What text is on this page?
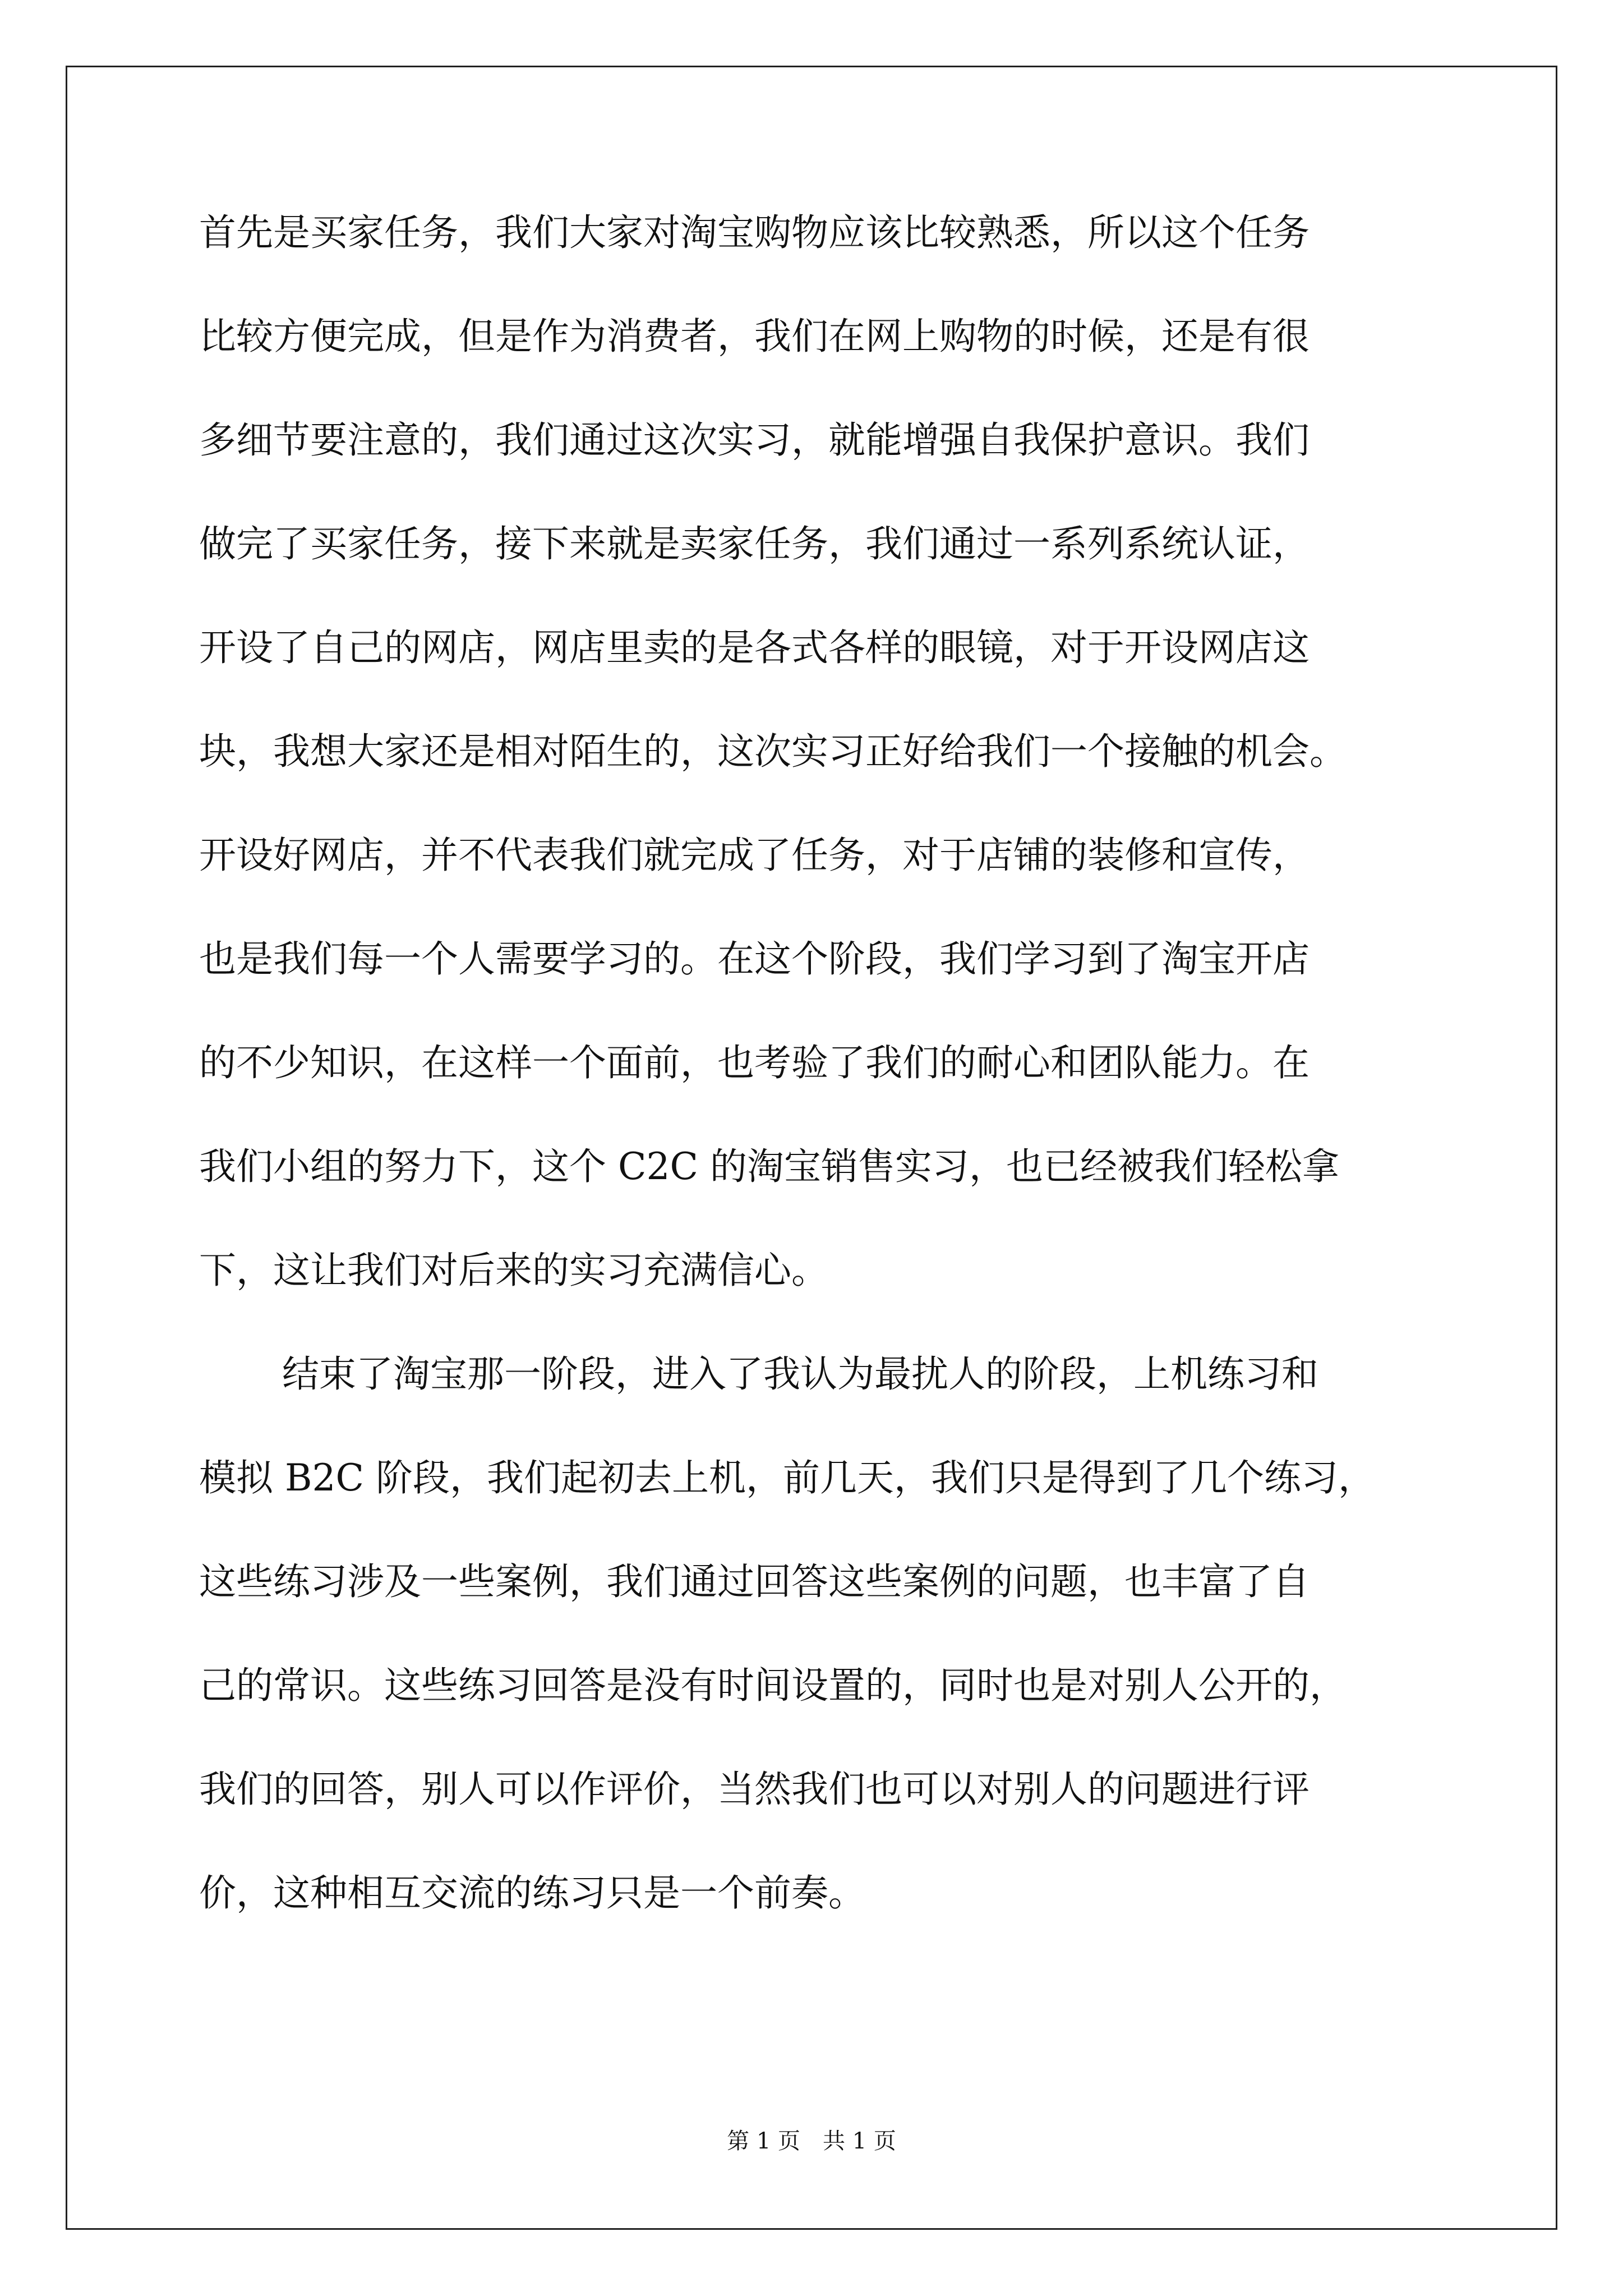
首先是买家任务，我们大家对淘宝购物应该比较熟悉，所以这个任务
比较方便完成，但是作为消费者，我们在网上购物的时候，还是有很
多细节要注意的，我们通过这次实习，就能增强自我保护意识。我们
做完了买家任务，接下来就是卖家任务，我们通过一系列系统认证，
开设了自己的网店，网店里卖的是各式各样的眼镜，对于开设网店这
块，我想大家还是相对陌生的，这次实习正好给我们一个接触的机会。
开设好网店，并不代表我们就完成了任务，对于店铺的装修和宣传，
也是我们每一个人需要学习的。在这个阶段，我们学习到了淘宝开店
的不少知识，在这样一个面前，也考验了我们的耐心和团队能力。在
我们小组的努力下，这个 C2C 的淘宝销售实习，也已经被我们轻松拿
下，这让我们对后来的实习充满信心。
结束了淘宝那一阶段，进入了我认为最扰人的阶段，上机练习和
模拟 B2C 阶段，我们起初去上机，前几天，我们只是得到了几个练习，
这些练习涉及一些案例，我们通过回答这些案例的问题，也丰富了自
己的常识。这些练习回答是没有时间设置的，同时也是对别人公开的，
我们的回答，别人可以作评价，当然我们也可以对别人的问题进行评
价，这种相互交流的练习只是一个前奏。
第 1 页 共 1 页
